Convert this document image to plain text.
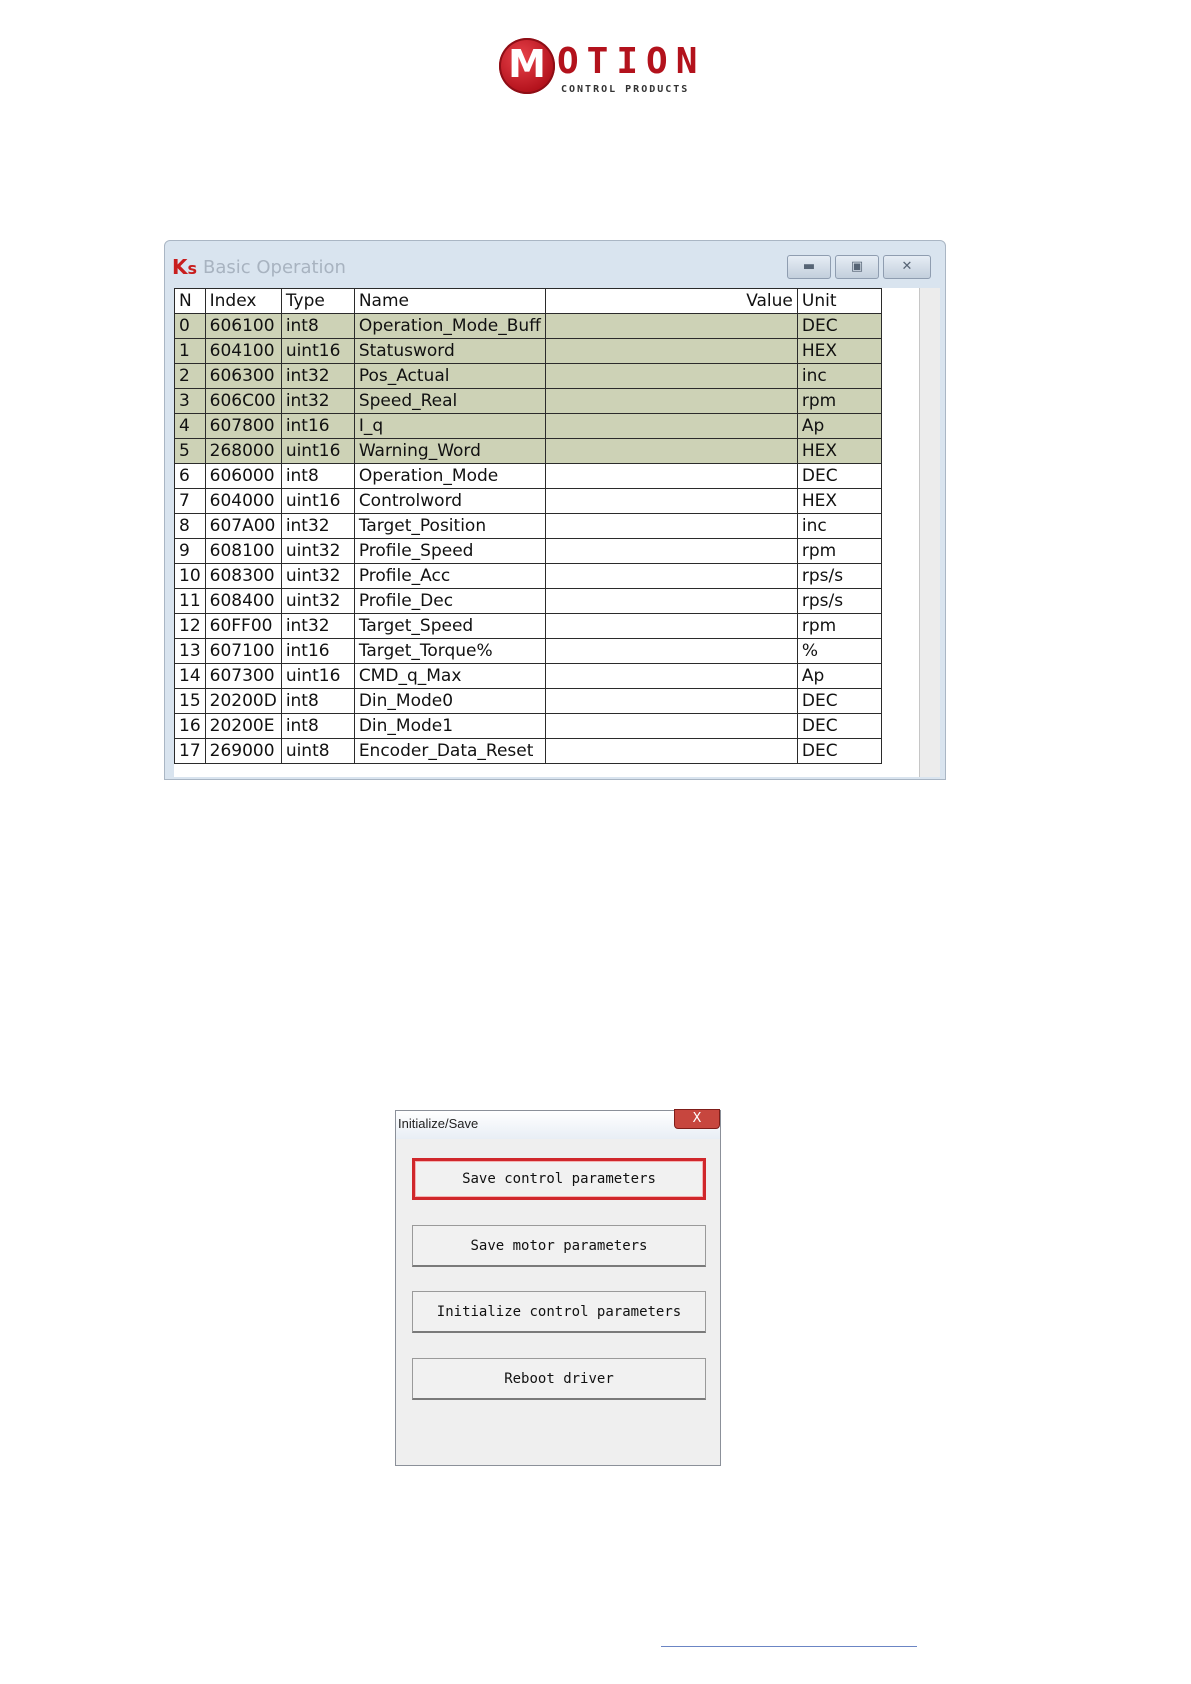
M OTION
CONTROL PRODUCTS
Ks Basic Operation	▬	▣	✕
N	Index	Type	Name	Value	Unit
0	606100	int8	Operation_Mode_Buff		DEC
1	604100	uint16	Statusword		HEX
2	606300	int32	Pos_Actual		inc
3	606C00	int32	Speed_Real		rpm
4	607800	int16	I_q		Ap
5	268000	uint16	Warning_Word		HEX
6	606000	int8	Operation_Mode		DEC
7	604000	uint16	Controlword		HEX
8	607A00	int32	Target_Position		inc
9	608100	uint32	Profile_Speed		rpm
10	608300	uint32	Profile_Acc		rps/s
11	608400	uint32	Profile_Dec		rps/s
12	60FF00	int32	Target_Speed		rpm
13	607100	int16	Target_Torque%		%
14	607300	uint16	CMD_q_Max		Ap
15	20200D	int8	Din_Mode0		DEC
16	20200E	int8	Din_Mode1		DEC
17	269000	uint8	Encoder_Data_Reset		DEC
Initialize/Save	X
Save control parameters
Save motor parameters
Initialize control parameters
Reboot driver
